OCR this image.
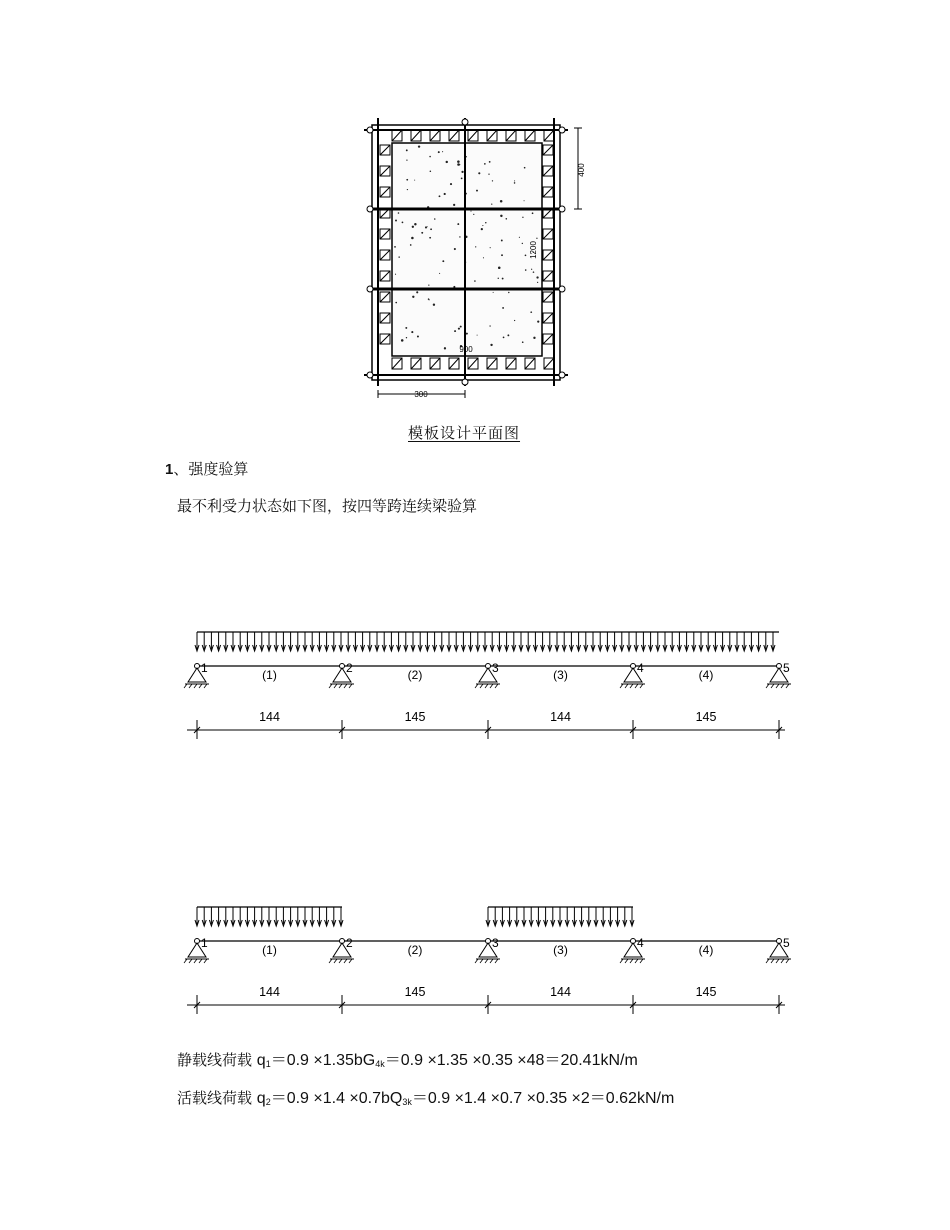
400
1200
900
300
模板设计平面图
1、强度验算
最不利受力状态如下图，按四等跨连续梁验算
1	2	3	4	5
(1)	(2)	(3)	(4)
144	145	144	145
1	2	3	4	5
(1)	(2)	(3)	(4)
144	145	144	145
静载线荷载 $q_1=0.9 \times 1.35bG_{4k}=0.9 \times 1.35 \times 0.35 \times 48=20.41kN/m$
活载线荷载 $q_2=0.9 \times 1.4 \times 0.7bQ_{3k}=0.9 \times 1.4 \times 0.7 \times 0.35 \times 2=0.62kN/m$
